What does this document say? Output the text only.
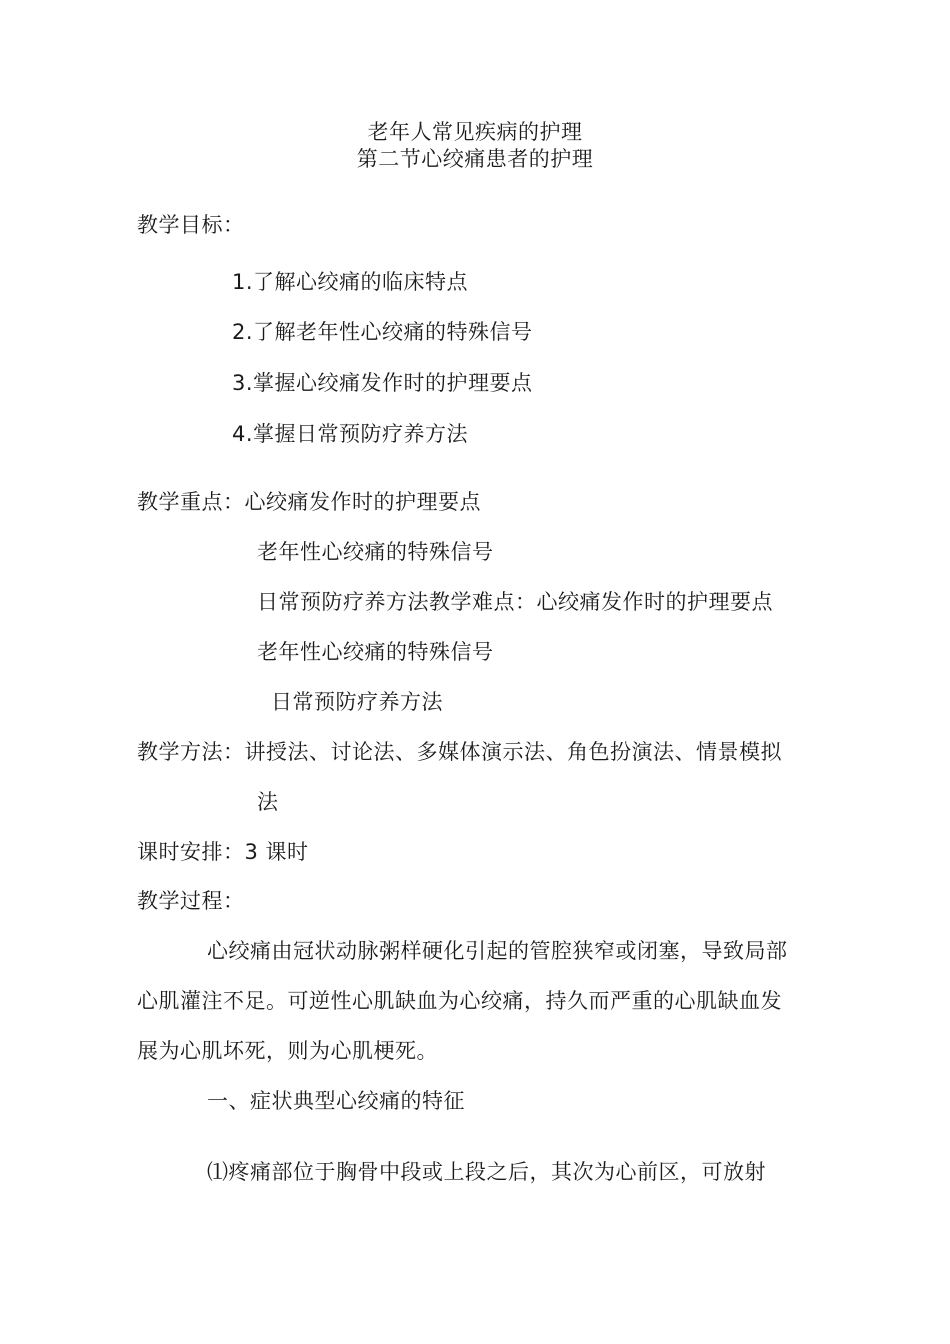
老年人常见疾病的护理
第二节心绞痛患者的护理
教学目标：
1.了解心绞痛的临床特点
2.了解老年性心绞痛的特殊信号
3.掌握心绞痛发作时的护理要点
4.掌握日常预防疗养方法
教学重点：心绞痛发作时的护理要点
老年性心绞痛的特殊信号
日常预防疗养方法教学难点：心绞痛发作时的护理要点
老年性心绞痛的特殊信号
日常预防疗养方法
教学方法：讲授法、讨论法、多媒体演示法、角色扮演法、情景模拟
法
课时安排：3 课时
教学过程：
心绞痛由冠状动脉粥样硬化引起的管腔狭窄或闭塞，导致局部
心肌灌注不足。可逆性心肌缺血为心绞痛，持久而严重的心肌缺血发
展为心肌坏死，则为心肌梗死。
一、症状典型心绞痛的特征
⑴疼痛部位于胸骨中段或上段之后，其次为心前区，可放射
